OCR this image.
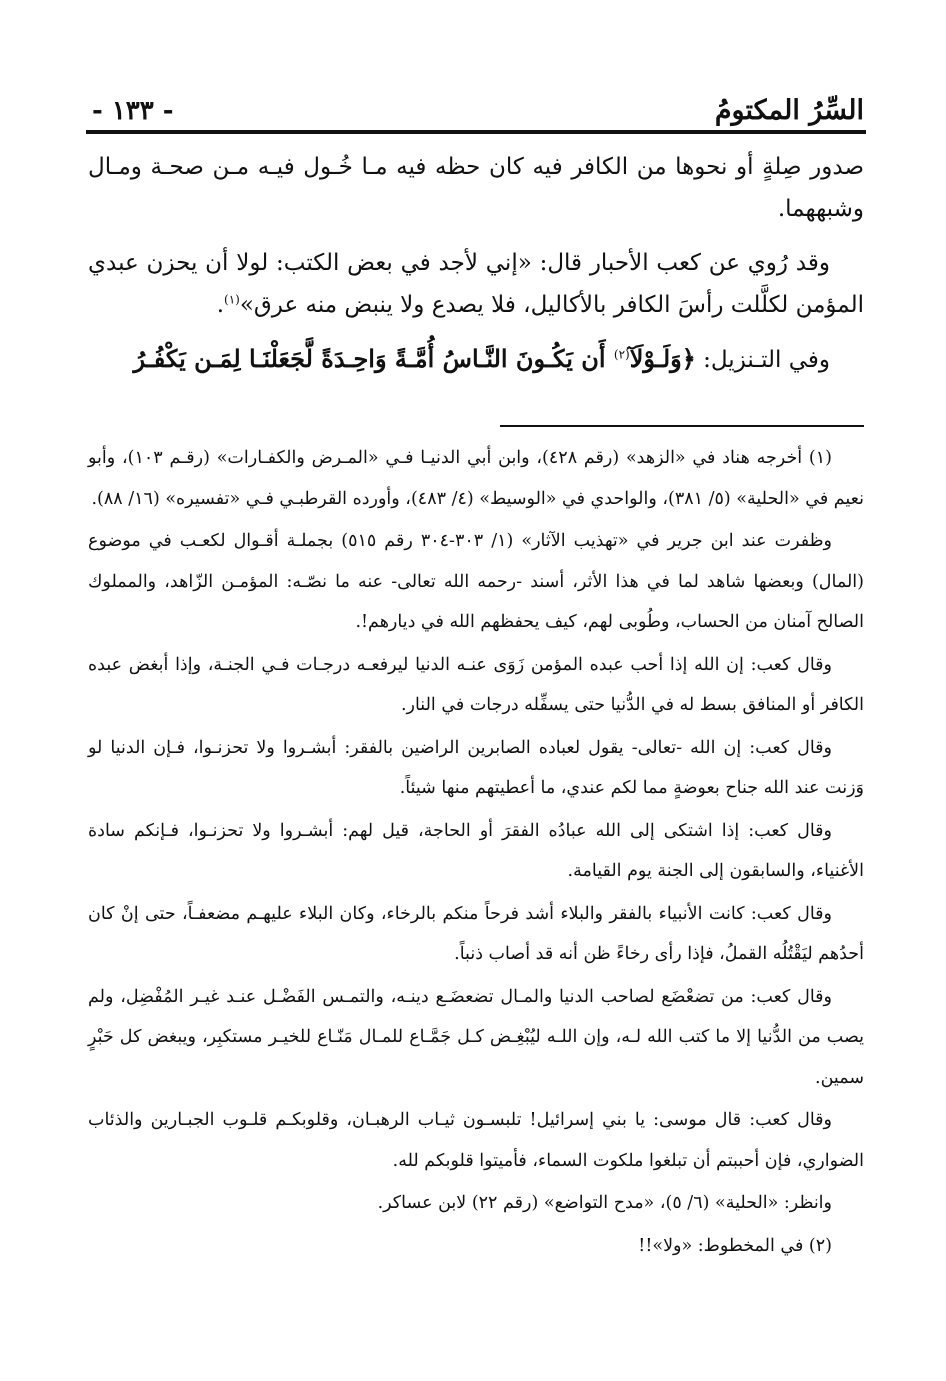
السِّرُ المكتومُ
- ١٣٣ -

صدور صِلةٍ أو نحوها من الكافر فيه كان حظه فيه مـا خُـول فيـه مـن صحـة ومـال وشبههما.

وقد رُوي عن كعب الأحبار قال: «إني لأجد في بعض الكتب: لولا أن يحزن عبدي المؤمن لكلَّلت رأسَ الكافر بالأكاليل، فلا يصدع ولا ينبض منه عرق»$^{(١)}$.

وفي التـنزيل: ﴿وَلَـوْلَآ$^{(٢)}$ أَن يَكُـونَ النَّـاسُ أُمَّـةً وَاحِـدَةً لَّجَعَلْنَـا لِمَـن يَكْفُـرُ

(١) أخرجه هناد في «الزهد» (رقم ٤٢٨)، وابن أبي الدنيـا فـي «المـرض والكفـارات» (رقـم ١٠٣)، وأبو نعيم في «الحلية» (٥/ ٣٨١)، والواحدي في «الوسيط» (٤/ ٤٨٣)، وأورده القرطبـي فـي «تفسيره» (١٦/ ٨٨).

وظفرت عند ابن جرير في «تهذيب الآثار» (١/ ٣٠٣-٣٠٤ رقم ٥١٥) بجملـة أقـوال لكعـب في موضوع (المال) وبعضها شاهد لما في هذا الأثر، أسند -رحمه الله تعالى- عنه ما نصّـه: المؤمـن الزّاهد، والمملوك الصالح آمنان من الحساب، وطُوبى لهم، كيف يحفظهم الله في ديارهم!.

وقال كعب: إن الله إذا أحب عبده المؤمن زَوَى عنـه الدنيا ليرفعـه درجـات فـي الجنـة، وإذا أبغض عبده الكافر أو المنافق بسط له في الدُّنيا حتى يسفِّله درجات في النار.

وقال كعب: إن الله -تعالى- يقول لعباده الصابرين الراضين بالفقر: أبشـروا ولا تحزنـوا، فـإن الدنيا لو وَزنت عند الله جناح بعوضةٍ مما لكم عندي، ما أعطيتهم منها شيئاً.

وقال كعب: إذا اشتكى إلى الله عبادُه الفقرَ أو الحاجة، قيل لهم: أبشـروا ولا تحزنـوا، فـإنكم سادة الأغنياء، والسابقون إلى الجنة يوم القيامة.

وقال كعب: كانت الأنبياء بالفقر والبلاء أشد فرحاً منكم بالرخاء، وكان البلاء عليهـم مضعفـاً، حتى إنْ كان أحدُهم ليَقْتُلُه القملُ، فإذا رأى رخاءً ظن أنه قد أصاب ذنباً.

وقال كعب: من تضعْضَع لصاحب الدنيا والمـال تضعضَـع دينـه، والتمـس الفَضْـل عنـد غيـر المُفْضِل، ولم يصب من الدُّنيا إلا ما كتب الله لـه، وإن اللـه ليُبْغِـض كـل جَمَّـاع للمـال مَنّـاع للخيـر مستكبِر، ويبغض كل حَبْرٍ سمين.

وقال كعب: قال موسى: يا بني إسرائيل! تلبسـون ثيـاب الرهبـان، وقلوبكـم قلـوب الجبـارين والذئاب الضواري، فإن أحببتم أن تبلغوا ملكوت السماء، فأميتوا قلوبكم لله.

وانظر: «الحلية» (٦/ ٥)، «مدح التواضع» (رقم ٢٢) لابن عساكر.

(٢) في المخطوط: «ولا»!!
